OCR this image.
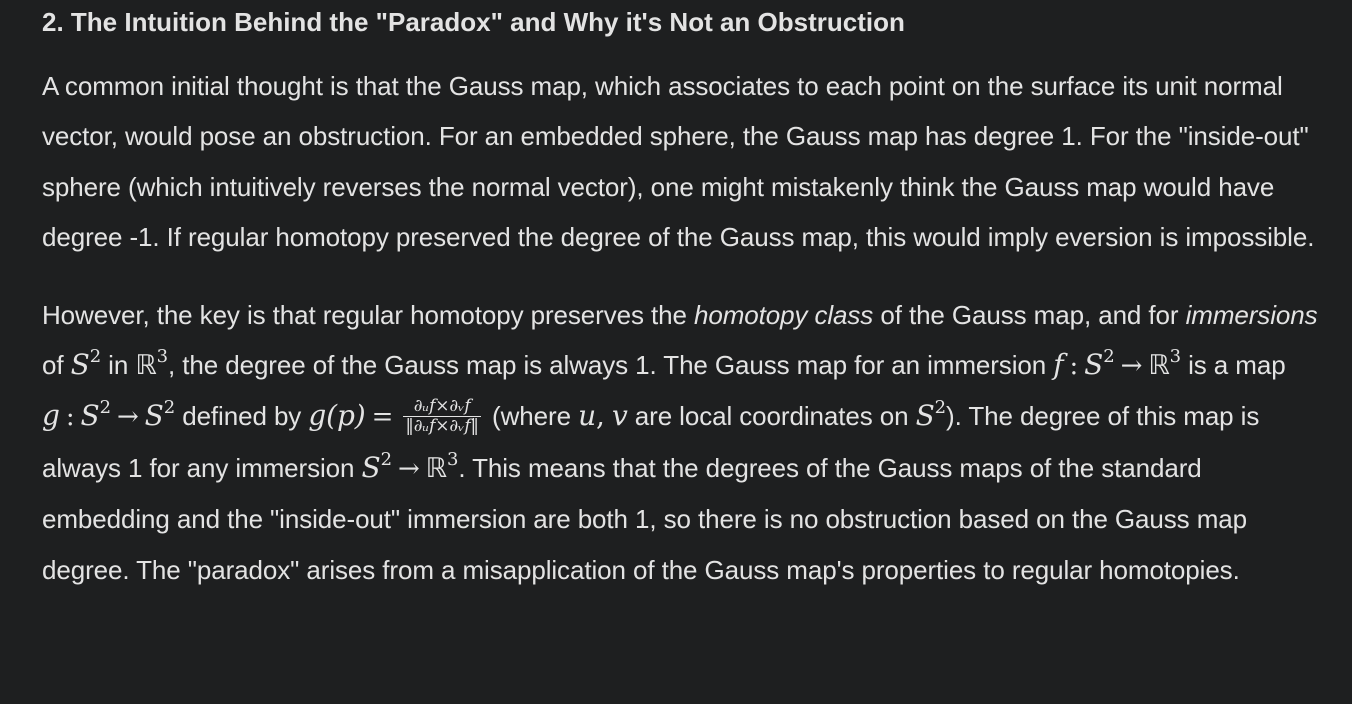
2. The Intuition Behind the "Paradox" and Why it's Not an Obstruction

A common initial thought is that the Gauss map, which associates to each point on the surface its unit normal vector, would pose an obstruction. For an embedded sphere, the Gauss map has degree 1. For the "inside-out" sphere (which intuitively reverses the normal vector), one might mistakenly think the Gauss map would have degree -1. If regular homotopy preserved the degree of the Gauss map, this would imply eversion is impossible.

However, the key is that regular homotopy preserves the homotopy class of the Gauss map, and for immersions of $S^2$ in ℝ$^3$, the degree of the Gauss map is always 1. The Gauss map for an immersion f : $S^2$ → ℝ$^3$ is a map g : $S^2 \to S^2$ defined by $g(p) = \frac{\text{∂ᵤf×∂ᵥf}}{\text{‖∂ᵤf×∂ᵥf‖}}$ (where u, v are local coordinates on $S^2$). The degree of this map is always 1 for any immersion $S^2$ → ℝ$^3$. This means that the degrees of the Gauss maps of the standard embedding and the "inside-out" immersion are both 1, so there is no obstruction based on the Gauss map degree. The "paradox" arises from a misapplication of the Gauss map's properties to regular homotopies.
